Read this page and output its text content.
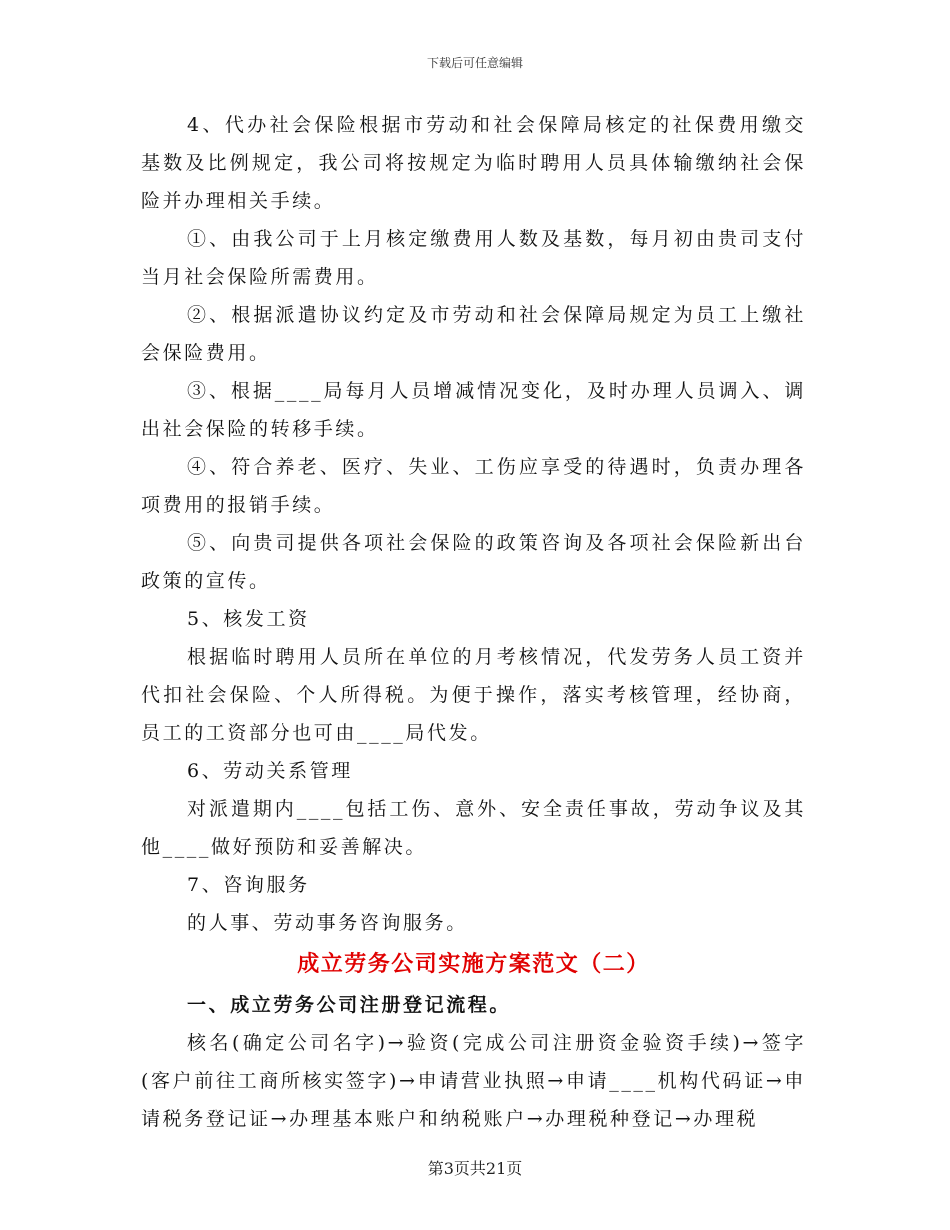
下载后可任意编辑

4、代办社会保险根据市劳动和社会保障局核定的社保费用缴交基数及比例规定，我公司将按规定为临时聘用人员具体输缴纳社会保险并办理相关手续。

①、由我公司于上月核定缴费用人数及基数，每月初由贵司支付当月社会保险所需费用。

②、根据派遣协议约定及市劳动和社会保障局规定为员工上缴社会保险费用。

③、根据____局每月人员增减情况变化，及时办理人员调入、调出社会保险的转移手续。

④、符合养老、医疗、失业、工伤应享受的待遇时，负责办理各项费用的报销手续。

⑤、向贵司提供各项社会保险的政策咨询及各项社会保险新出台政策的宣传。

5、核发工资

根据临时聘用人员所在单位的月考核情况，代发劳务人员工资并代扣社会保险、个人所得税。为便于操作，落实考核管理，经协商，员工的工资部分也可由____局代发。

6、劳动关系管理

对派遣期内____包括工伤、意外、安全责任事故，劳动争议及其他____做好预防和妥善解决。

7、咨询服务

的人事、劳动事务咨询服务。

成立劳务公司实施方案范文（二）

一、成立劳务公司注册登记流程。

核名(确定公司名字)→验资(完成公司注册资金验资手续)→签字(客户前往工商所核实签字)→申请营业执照→申请____机构代码证→申请税务登记证→办理基本账户和纳税账户→办理税种登记→办理税

第3页共21页
